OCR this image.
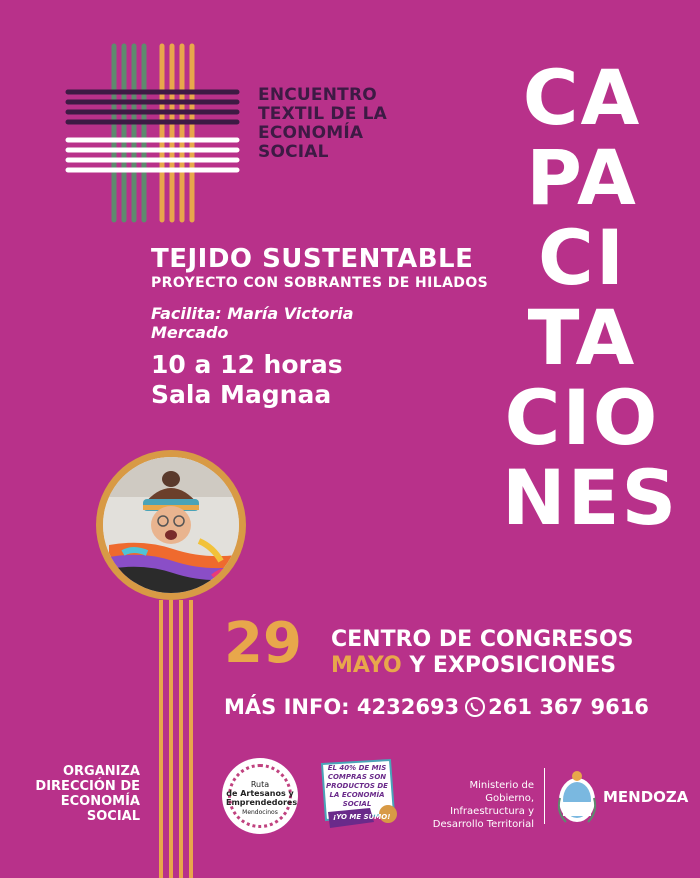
ENCUENTRO
TEXTIL DE LA
ECONOMÍA
SOCIAL
CA
PA
CI
TA
CIO
NES
TEJIDO SUSTENTABLE
PROYECTO CON SOBRANTES DE HILADOS
Facilita: María Victoria
Mercado
10 a 12 horas
Sala Magnaa
29 CENTRO DE CONGRESOS
MAYO Y EXPOSICIONES
MÁS INFO: 4232693 261 367 9616
ORGANIZA
DIRECCIÓN DE
ECONOMÍA
SOCIAL
Ruta
de Artesanos y Emprendedores
Mendocinos
EL 40% DE MIS COMPRAS SON PRODUCTOS DE LA ECONOMÍA SOCIAL
¡YO ME SUMO!
Ministerio de Gobierno,
Infraestructura y
Desarrollo Territorial
MENDOZA
